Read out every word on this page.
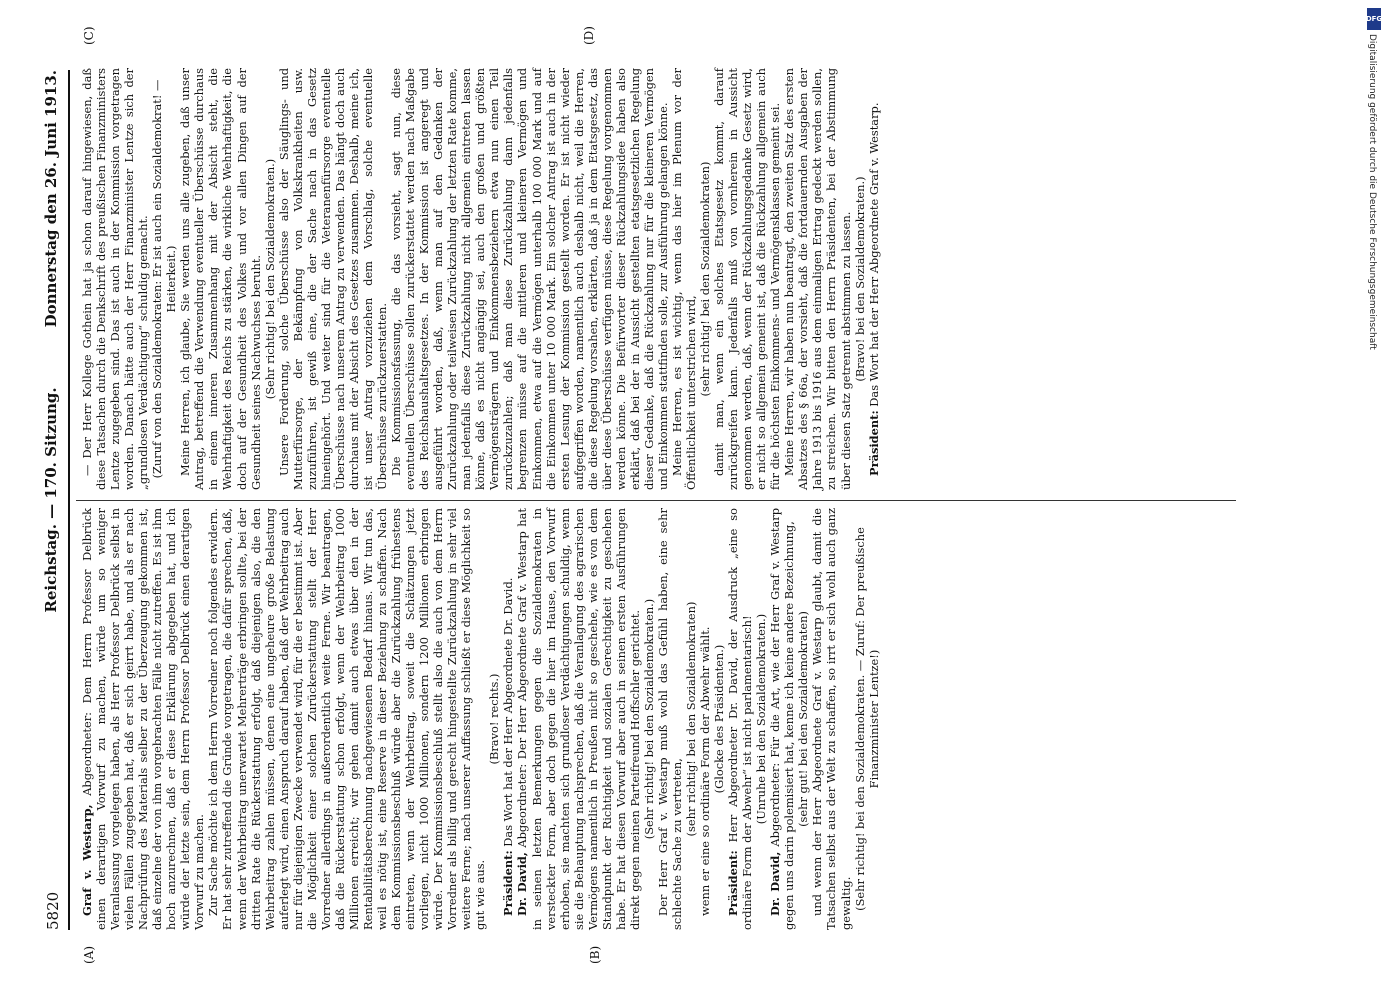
5820
Reichstag. — 170. Sitzung.
Donnerstag den 26. Juni 1913.
(A)	(B)
(C)	(D)

Graf v. Westarp, Abgeordneter: Dem Herrn Professor Delbrück einen derartigen Vorwurf zu machen, würde um so weniger Veranlassung vorgelegen haben, als Herr Professor Delbrück selbst in vielen Fällen zugegeben hat, daß er sich geirrt habe, und als er nach Nachprüfung des Materials selber zu der Überzeugung gekommen ist, daß einzelne der von ihm vorgebrachten Fälle nicht zutreffen. Es ist ihm hoch anzurechnen, daß er diese Erklärung abgegeben hat, und ich würde der letzte sein, dem Herrn Professor Delbrück einen derartigen Vorwurf zu machen. Zur Sache möchte ich dem Herrn Vorredner noch folgendes erwidern. Er hat sehr zutreffend die Gründe vorgetragen, die dafür sprechen, daß, wenn der Wehrbeitrag unerwartet Mehrerträge erbringen sollte, bei der dritten Rate die Rückerstattung erfolgt, daß diejenigen also, die den Wehrbeitrag zahlen müssen, denen eine ungeheure große Belastung auferlegt wird, einen Anspruch darauf haben, daß der Wehrbeitrag auch nur für diejenigen Zwecke verwendet wird, für die er bestimmt ist. Aber die Möglichkeit einer solchen Zurückerstattung stellt der Herr Vorredner allerdings in außerordentlich weite Ferne. Wir beantragen, daß die Rückerstattung schon erfolgt, wenn der Wehrbeitrag 1000 Millionen erreicht; wir gehen damit auch etwas über den in der Rentabilitätsberechnung nachgewiesenen Bedarf hinaus. Wir tun das, weil es nötig ist, eine Reserve in dieser Beziehung zu schaffen. Nach dem Kommissionsbeschluß würde aber die Zurückzahlung frühestens eintreten, wenn der Wehrbeitrag, soweit die Schätzungen jetzt vorliegen, nicht 1000 Millionen, sondern 1200 Millionen erbringen würde. Der Kommissionsbeschluß stellt also die auch von dem Herrn Vorredner als billig und gerecht hingestellte Zurückzahlung in sehr viel weitere Ferne; nach unserer Auffassung schließt er diese Möglichkeit so gut wie aus.

(Bravo! rechts.)

Präsident: Das Wort hat der Herr Abgeordnete Dr. David.

Dr. David, Abgeordneter: Der Herr Abgeordnete Graf v. Westarp hat in seinen letzten Bemerkungen gegen die Sozialdemokraten in versteckter Form, aber doch gegen die hier im Hause, den Vorwurf erhoben, sie machten sich grundloser Verdächtigungen schuldig, wenn sie die Behauptung nachsprechen, daß die Veranlagung des agrarischen Vermögens namentlich in Preußen nicht so geschehe, wie es von dem Standpunkt der Richtigkeit und sozialen Gerechtigkeit zu geschehen habe. Er hat diesen Vorwurf aber auch in seinen ersten Ausführungen direkt gegen meinen Parteifreund Hoffschler gerichtet. (Sehr richtig! bei den Sozialdemokraten.) Der Herr Graf v. Westarp muß wohl das Gefühl haben, eine sehr schlechte Sache zu vertreten,

(sehr richtig! bei den Sozialdemokraten) wenn er eine so ordinäre Form der Abwehr wählt. (Glocke des Präsidenten.)

Präsident: Herr Abgeordneter Dr. David, der Ausdruck „eine so ordinäre Form der Abwehr“ ist nicht parlamentarisch! (Unruhe bei den Sozialdemokraten.)

Dr. David, Abgeordneter: Für die Art, wie der Herr Graf v. Westarp gegen uns darin polemisiert hat, kenne ich keine andere Bezeichnung, (sehr gut! bei den Sozialdemokraten) und wenn der Herr Abgeordnete Graf v. Westarp glaubt, damit die Tatsachen selbst aus der Welt zu schaffen, so irrt er sich wohl auch ganz gewaltig. (Sehr richtig! bei den Sozialdemokraten. — Zuruf: Der preußische Finanzminister Lentze!)

— Der Herr Kollege Gothein hat ja schon darauf hingewiesen, daß diese Tatsachen durch die Denkschrift des preußischen Finanzministers Lentze zugegeben sind. Das ist auch in der Kommission vorgetragen worden. Danach hätte auch der Herr Finanzminister Lentze sich der „grundlosen Verdächtigung“ schuldig gemacht. (Zuruf von den Sozialdemokraten: Er ist auch ein Sozialdemokrat! — Heiterkeit.) Meine Herren, ich glaube, Sie werden uns alle zugeben, daß unser Antrag, betreffend die Verwendung eventueller Überschüsse durchaus in einem inneren Zusammenhang mit der Absicht steht, die Wehrhaftigkeit des Reichs zu stärken, die wirkliche Wehrhaftigkeit, die doch auf der Gesundheit des Volkes und vor allen Dingen auf der Gesundheit seines Nachwuchses beruht. (Sehr richtig! bei den Sozialdemokraten.) Unsere Forderung, solche Überschüsse also der Säuglings- und Mutterfürsorge, der Bekämpfung von Volkskrankheiten usw. zuzuführen, ist gewiß eine, die der Sache nach in das Gesetz hineingehört. Und weiter sind für die Veteranenfürsorge eventuelle Überschüsse nach unserem Antrag zu verwenden. Das hängt doch auch durchaus mit der Absicht des Gesetzes zusammen. Deshalb, meine ich, ist unser Antrag vorzuziehen dem Vorschlag, solche eventuelle Überschüsse zurückzuerstatten. Die Kommissionsfassung, die das vorsieht, sagt nun, diese eventuellen Überschüsse sollen zurückerstattet werden nach Maßgabe des Reichshaushaltsgesetzes. In der Kommission ist angeregt und ausgeführt worden, daß, wenn man auf den Gedanken der Zurückzahlung oder teilweisen Zurückzahlung der letzten Rate komme, man jedenfalls diese Zurückzahlung nicht allgemein eintreten lassen könne, daß es nicht angängig sei, auch den großen und größten Vermögensträgern und Einkommensbeziehern etwa nun einen Teil zurückzuzahlen; daß man diese Zurückzahlung dann jedenfalls begrenzen müsse auf die mittleren und kleineren Vermögen und Einkommen, etwa auf die Vermögen unterhalb 100 000 Mark und auf die Einkommen unter 10 000 Mark. Ein solcher Antrag ist auch in der ersten Lesung der Kommission gestellt worden. Er ist nicht wieder aufgegriffen worden, namentlich auch deshalb nicht, weil die Herren, die diese Regelung vorsahen, erklärten, daß ja in dem Etatsgesetz, das über diese Überschüsse verfügen müsse, diese Regelung vorgenommen werden könne. Die Befürworter dieser Rückzahlungsidee haben also erklärt, daß bei der in Aussicht gestellten etatsgesetzlichen Regelung dieser Gedanke, daß die Rückzahlung nur für die kleineren Vermögen und Einkommen stattfinden solle, zur Ausführung gelangen könne. Meine Herren, es ist wichtig, wenn das hier im Plenum vor der Öffentlichkeit unterstrichen wird, (sehr richtig! bei den Sozialdemokraten) damit man, wenn ein solches Etatsgesetz kommt, darauf zurückgreifen kann. Jedenfalls muß von vornherein in Aussicht genommen werden, daß, wenn der Rückzahlungsgedanke Gesetz wird, er nicht so allgemein gemeint ist, daß die Rückzahlung allgemein auch für die höchsten Einkommens- und Vermögensklassen gemeint sei. Meine Herren, wir haben nun beantragt, den zweiten Satz des ersten Absatzes des § 66a, der vorsieht, daß die fortdauernden Ausgaben der Jahre 1913 bis 1916 aus dem einmaligen Ertrag gedeckt werden sollen, zu streichen. Wir bitten den Herrn Präsidenten, bei der Abstimmung über diesen Satz getrennt abstimmen zu lassen. (Bravo! bei den Sozialdemokraten.)

Präsident: Das Wort hat der Herr Abgeordnete Graf v. Westarp.

DFG
Digitalisierung gefördert durch die Deutsche Forschungsgemeinschaft
